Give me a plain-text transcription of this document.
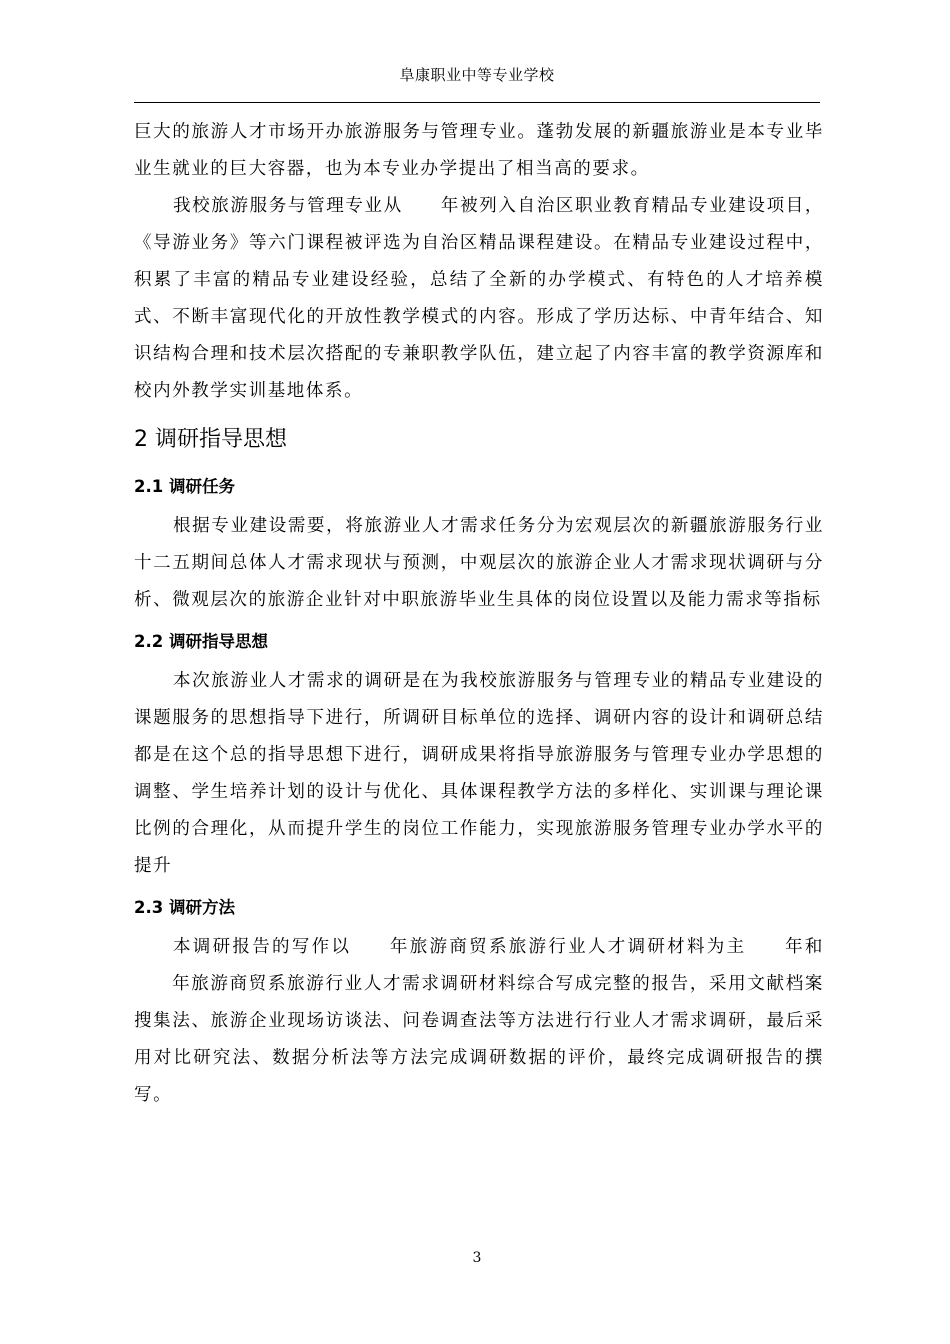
阜康职业中等专业学校

巨大的旅游人才市场开办旅游服务与管理专业。蓬勃发展的新疆旅游业是本专业毕业生就业的巨大容器，也为本专业办学提出了相当高的要求。

我校旅游服务与管理专业从 年被列入自治区职业教育精品专业建设项目，《导游业务》等六门课程被评选为自治区精品课程建设。在精品专业建设过程中，积累了丰富的精品专业建设经验，总结了全新的办学模式、有特色的人才培养模式、不断丰富现代化的开放性教学模式的内容。形成了学历达标、中青年结合、知识结构合理和技术层次搭配的专兼职教学队伍，建立起了内容丰富的教学资源库和校内外教学实训基地体系。

2 调研指导思想
2.1 调研任务

根据专业建设需要，将旅游业人才需求任务分为宏观层次的新疆旅游服务行业十二五期间总体人才需求现状与预测，中观层次的旅游企业人才需求现状调研与分析、微观层次的旅游企业针对中职旅游毕业生具体的岗位设置以及能力需求等指标

2.2 调研指导思想

本次旅游业人才需求的调研是在为我校旅游服务与管理专业的精品专业建设的课题服务的思想指导下进行，所调研目标单位的选择、调研内容的设计和调研总结都是在这个总的指导思想下进行，调研成果将指导旅游服务与管理专业办学思想的调整、学生培养计划的设计与优化、具体课程教学方法的多样化、实训课与理论课比例的合理化，从而提升学生的岗位工作能力，实现旅游服务管理专业办学水平的提升

2.3 调研方法

本调研报告的写作以 年旅游商贸系旅游行业人才调研材料为主 年和年旅游商贸系旅游行业人才需求调研材料综合写成完整的报告，采用文献档案搜集法、旅游企业现场访谈法、问卷调查法等方法进行行业人才需求调研，最后采用对比研究法、数据分析法等方法完成调研数据的评价，最终完成调研报告的撰写。

3
